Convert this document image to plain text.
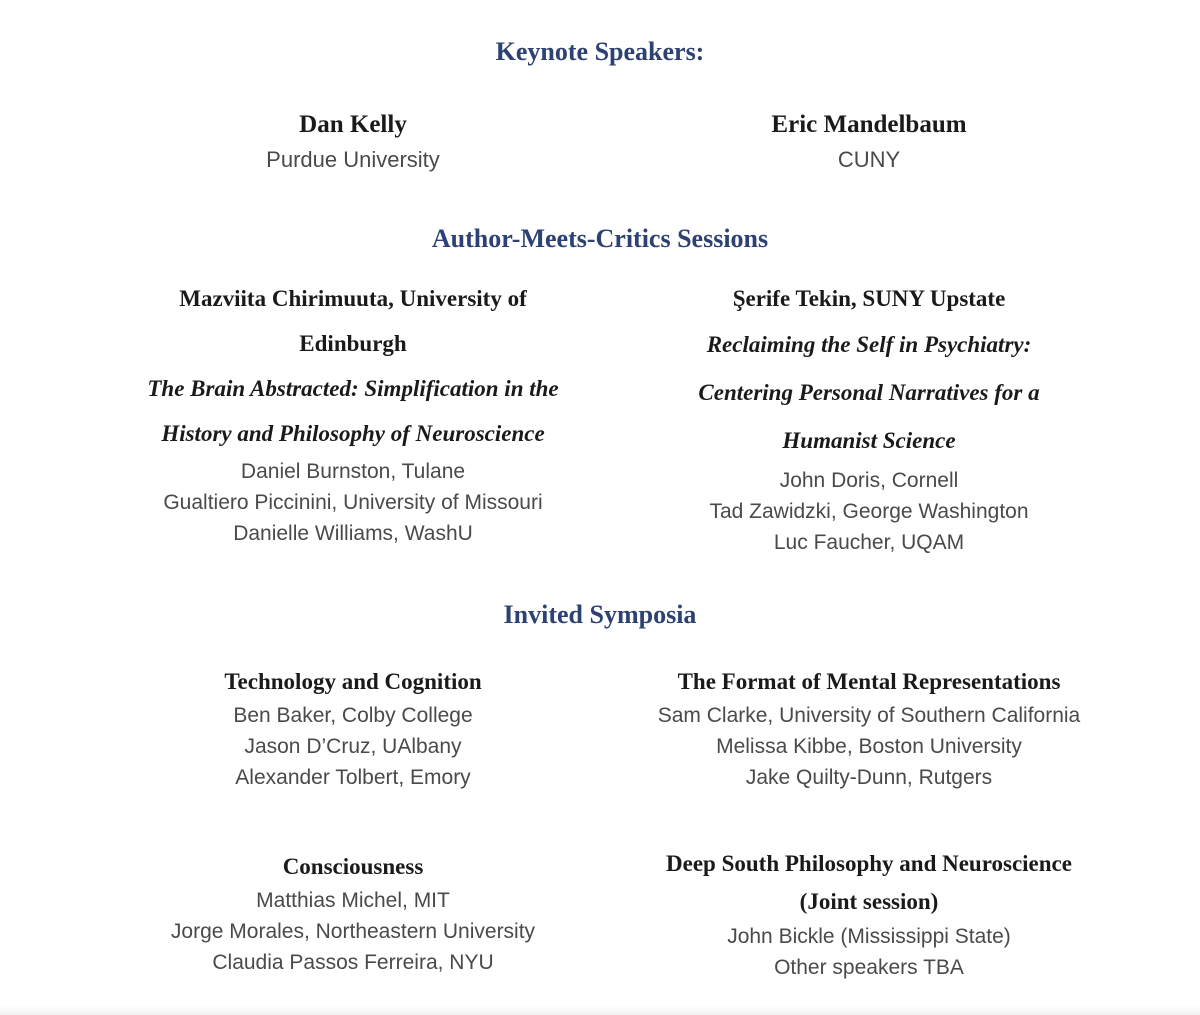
Keynote Speakers:
Dan Kelly
Purdue University
Eric Mandelbaum
CUNY
Author-Meets-Critics Sessions
Mazviita Chirimuuta, University of
Edinburgh
The Brain Abstracted: Simplification in the
History and Philosophy of Neuroscience
Daniel Burnston, Tulane
Gualtiero Piccinini, University of Missouri
Danielle Williams, WashU
Şerife Tekin, SUNY Upstate
Reclaiming the Self in Psychiatry:
Centering Personal Narratives for a
Humanist Science
John Doris, Cornell
Tad Zawidzki, George Washington
Luc Faucher, UQAM
Invited Symposia
Technology and Cognition
Ben Baker, Colby College
Jason D’Cruz, UAlbany
Alexander Tolbert, Emory
The Format of Mental Representations
Sam Clarke, University of Southern California
Melissa Kibbe, Boston University
Jake Quilty-Dunn, Rutgers
Consciousness
Matthias Michel, MIT
Jorge Morales, Northeastern University
Claudia Passos Ferreira, NYU
Deep South Philosophy and Neuroscience
(Joint session)
John Bickle (Mississippi State)
Other speakers TBA
